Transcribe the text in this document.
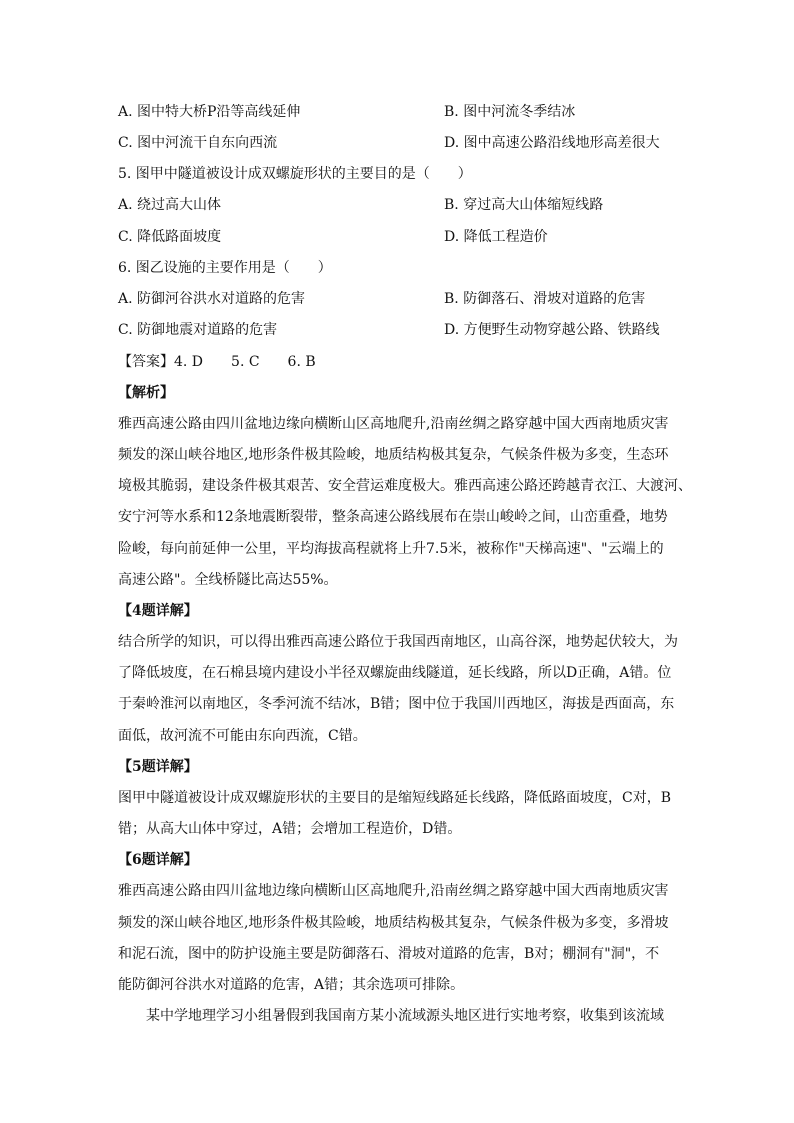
A. 图中特大桥P沿等高线延伸	B. 图中河流冬季结冰
C. 图中河流干自东向西流	D. 图中高速公路沿线地形高差很大
5. 图甲中隧道被设计成双螺旋形状的主要目的是（　　）
A. 绕过高大山体	B. 穿过高大山体缩短线路
C. 降低路面坡度	D. 降低工程造价
6. 图乙设施的主要作用是（　　）
A. 防御河谷洪水对道路的危害	B. 防御落石、滑坡对道路的危害
C. 防御地震对道路的危害	D. 方便野生动物穿越公路、铁路线
【答案】4. D　　5. C　　6. B
【解析】
雅西高速公路由四川盆地边缘向横断山区高地爬升,沿南丝绸之路穿越中国大西南地质灾害
频发的深山峡谷地区,地形条件极其险峻，地质结构极其复杂，气候条件极为多变，生态环
境极其脆弱，建设条件极其艰苦、安全营运难度极大。雅西高速公路还跨越青衣江、大渡河、
安宁河等水系和12条地震断裂带，整条高速公路线展布在崇山峻岭之间，山峦重叠，地势
险峻，每向前延伸一公里，平均海拔高程就将上升7.5米，被称作"天梯高速"、"云端上的
高速公路"。全线桥隧比高达55%。
【4题详解】
结合所学的知识，可以得出雅西高速公路位于我国西南地区，山高谷深，地势起伏较大，为
了降低坡度，在石棉县境内建设小半径双螺旋曲线隧道，延长线路，所以D正确，A错。位
于秦岭淮河以南地区，冬季河流不结冰，B错；图中位于我国川西地区，海拔是西面高，东
面低，故河流不可能由东向西流，C错。
【5题详解】
图甲中隧道被设计成双螺旋形状的主要目的是缩短线路延长线路，降低路面坡度，C对，B
错；从高大山体中穿过，A错；会增加工程造价，D错。
【6题详解】
雅西高速公路由四川盆地边缘向横断山区高地爬升,沿南丝绸之路穿越中国大西南地质灾害
频发的深山峡谷地区,地形条件极其险峻，地质结构极其复杂，气候条件极为多变，多滑坡
和泥石流，图中的防护设施主要是防御落石、滑坡对道路的危害，B对；棚洞有"洞"，不
能防御河谷洪水对道路的危害，A错；其余选项可排除。
　　某中学地理学习小组暑假到我国南方某小流域源头地区进行实地考察，收集到该流域
